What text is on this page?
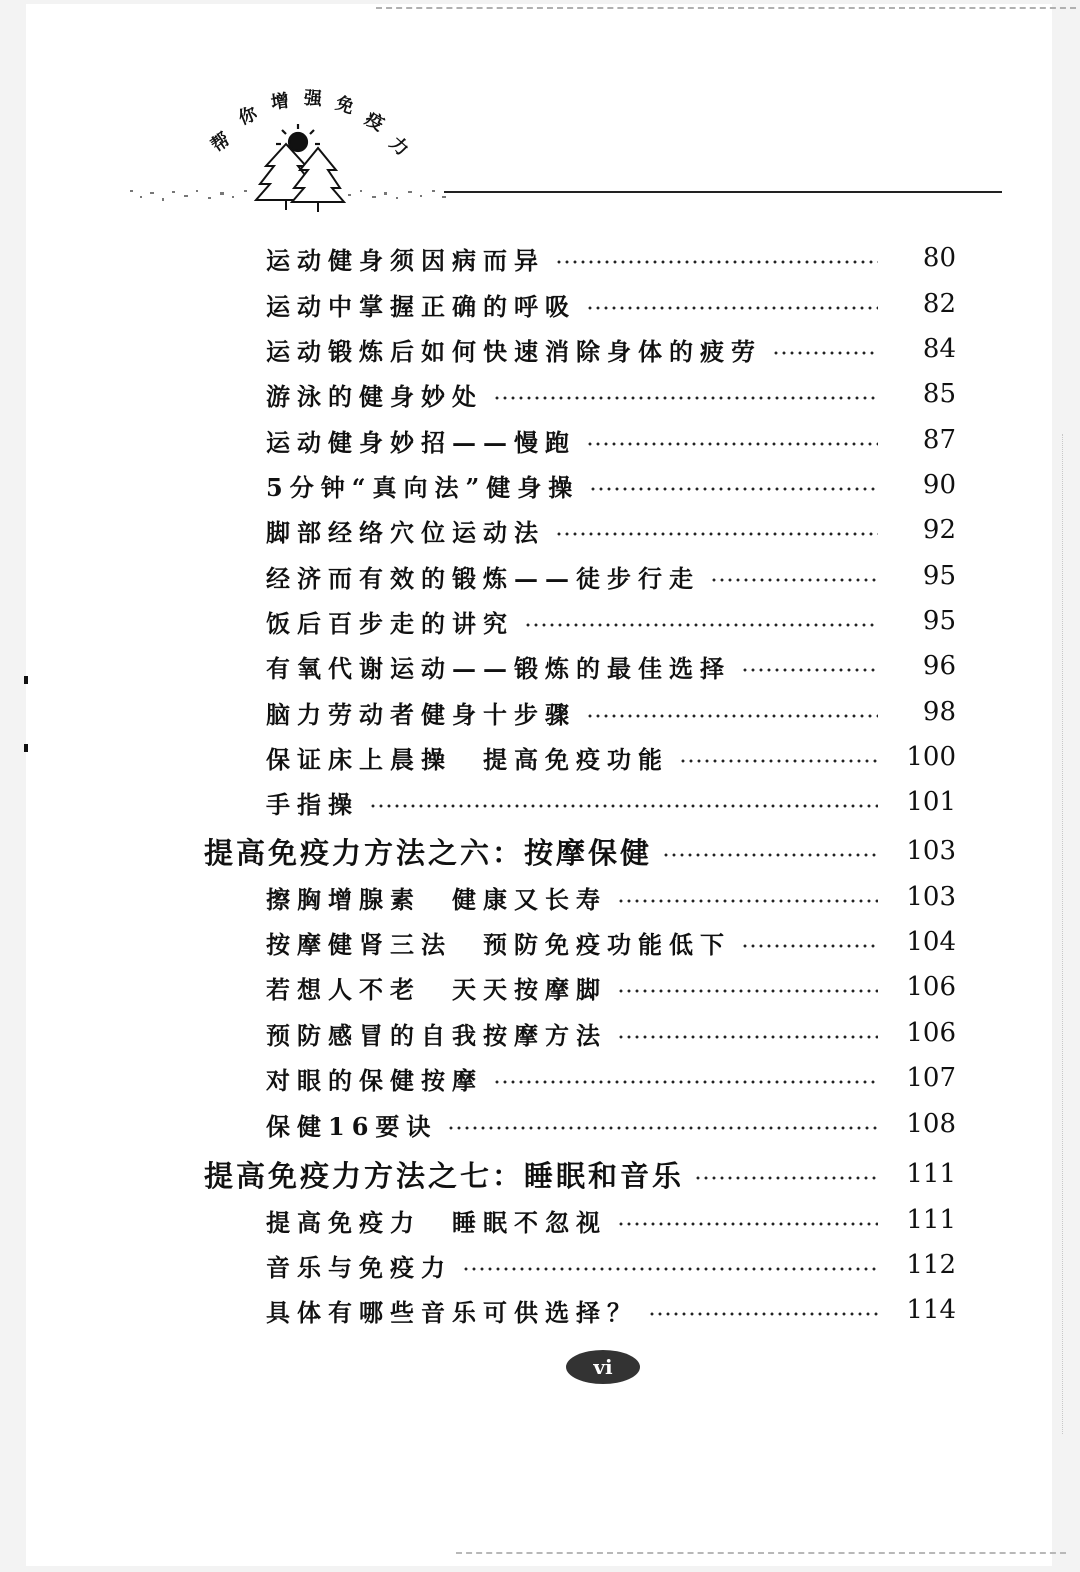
帮
你
增 强 免
疫
力
运动健身须因病而异	80
运动中掌握正确的呼吸	82
运动锻炼后如何快速消除身体的疲劳	84
游泳的健身妙处	85
运动健身妙招——慢跑	87
5分钟“真向法”健身操	90
脚部经络穴位运动法	92
经济而有效的锻炼——徒步行走	95
饭后百步走的讲究	95
有氧代谢运动——锻炼的最佳选择	96
脑力劳动者健身十步骤	98
保证床上晨操　提高免疫功能	100
手指操	101
提高免疫力方法之六：按摩保健	103
擦胸增腺素　健康又长寿	103
按摩健肾三法　预防免疫功能低下	104
若想人不老　天天按摩脚	106
预防感冒的自我按摩方法	106
对眼的保健按摩	107
保健16要诀	108
提高免疫力方法之七：睡眠和音乐	111
提高免疫力　睡眠不忽视	111
音乐与免疫力	112
具体有哪些音乐可供选择？	114
vi
